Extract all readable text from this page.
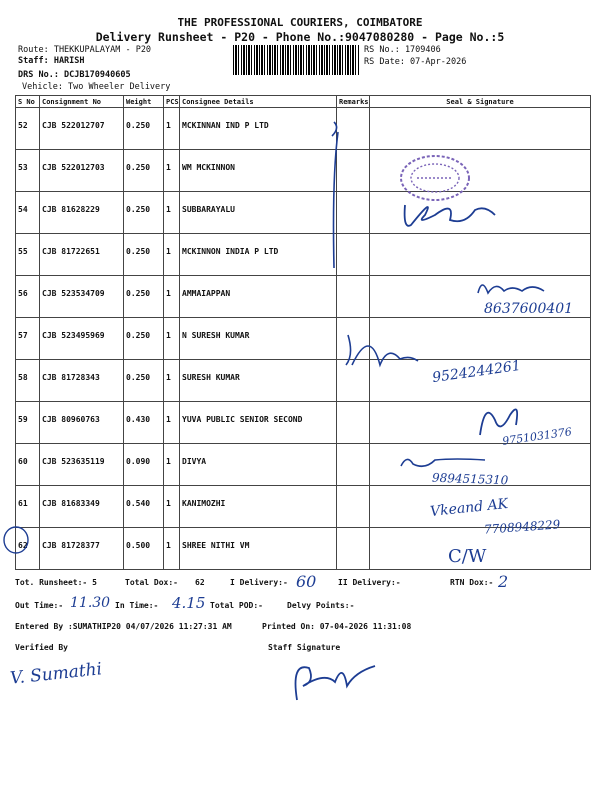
THE PROFESSIONAL COURIERS, COIMBATORE
Delivery Runsheet - P20 - Phone No.:9047080280 - Page No.:5
Route: THEKKUPALAYAM - P20
Staff: HARISH
DRS No.: DCJB170940605
Vehicle: Two Wheeler Delivery
RS No.: 1709406
RS Date: 07-Apr-2026
S No	Consignment No	Weight	PCS	Consignee Details	Remarks	Seal & Signature

52	CJB 522012707	0.250	1	MCKINNAN IND P LTD		

53	CJB 522012703	0.250	1	WM MCKINNON		

54	CJB 81628229	0.250	1	SUBBARAYALU		

55	CJB 81722651	0.250	1	MCKINNON INDIA P LTD		

56	CJB 523534709	0.250	1	AMMAIAPPAN		

57	CJB 523495969	0.250	1	N SURESH KUMAR		

58	CJB 81728343	0.250	1	SURESH KUMAR		

59	CJB 80960763	0.430	1	YUVA PUBLIC SENIOR SECOND		

60	CJB 523635119	0.090	1	DIVYA		

61	CJB 81683349	0.540	1	KANIMOZHI		

62	CJB 81728377	0.500	1	SHREE NITHI VM		

8637600401
9524244261
9751031376
9894515310
Vkeand AK
7708948229
C/W
Tot. Runsheet:- 5	Total Dox:- 62	I Delivery:- 60	II Delivery:-	RTN Dox:- 2
Out Time:- 11.30 In Time:- 4.15 Total POD:-	Delvy Points:-
Entered By :SUMATHIP20 04/07/2026 11:27:31 AM	Printed On: 07-04-2026 11:31:08
Verified By	Staff Signature
V. Sumathi
